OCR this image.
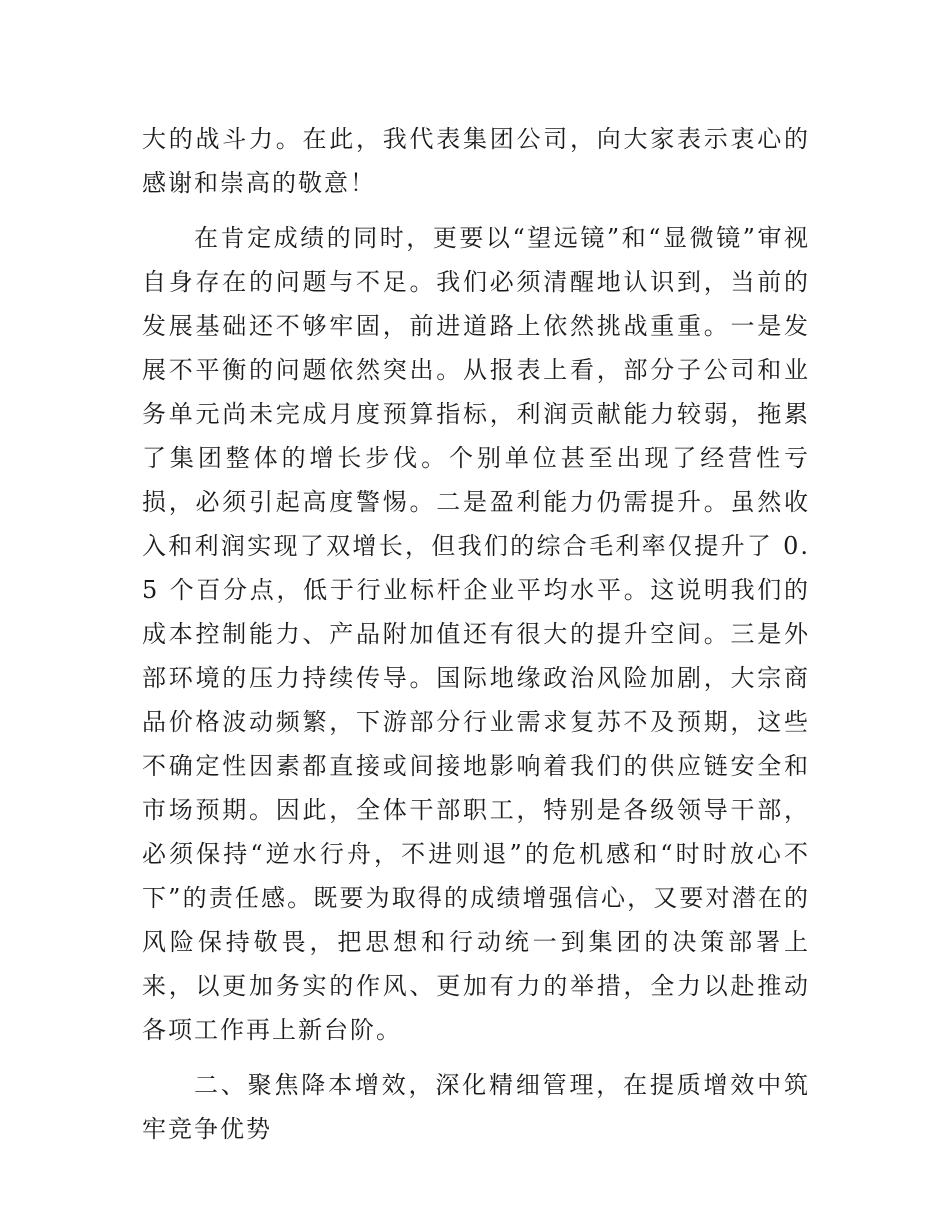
大的战斗力。在此，我代表集团公司，向大家表示衷心的感谢和崇高的敬意！

在肯定成绩的同时，更要以“望远镜”和“显微镜”审视自身存在的问题与不足。我们必须清醒地认识到，当前的发展基础还不够牢固，前进道路上依然挑战重重。一是发展不平衡的问题依然突出。从报表上看，部分子公司和业务单元尚未完成月度预算指标，利润贡献能力较弱，拖累了集团整体的增长步伐。个别单位甚至出现了经营性亏损，必须引起高度警惕。二是盈利能力仍需提升。虽然收入和利润实现了双增长，但我们的综合毛利率仅提升了 0.5 个百分点，低于行业标杆企业平均水平。这说明我们的成本控制能力、产品附加值还有很大的提升空间。三是外部环境的压力持续传导。国际地缘政治风险加剧，大宗商品价格波动频繁，下游部分行业需求复苏不及预期，这些不确定性因素都直接或间接地影响着我们的供应链安全和市场预期。因此，全体干部职工，特别是各级领导干部，必须保持“逆水行舟，不进则退”的危机感和“时时放心不下”的责任感。既要为取得的成绩增强信心，又要对潜在的风险保持敬畏，把思想和行动统一到集团的决策部署上来，以更加务实的作风、更加有力的举措，全力以赴推动各项工作再上新台阶。

二、聚焦降本增效，深化精细管理，在提质增效中筑牢竞争优势
